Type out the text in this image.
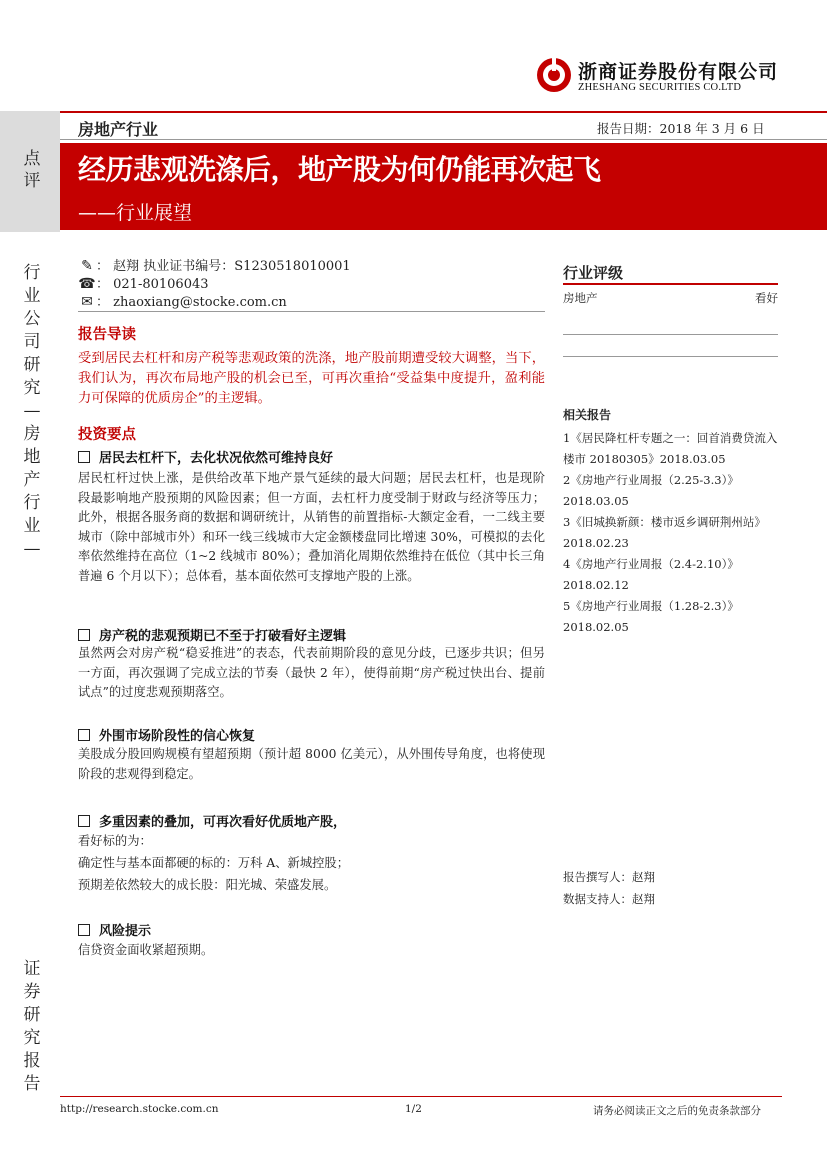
浙商证券股份有限公司
ZHESHANG SECURITIES CO.LTD
点评
房地产行业	报告日期：2018 年 3 月 6 日
经历悲观洗涤后，地产股为何仍能再次起飞
——行业展望
行业公司研究—房地产行业—
证券研究报告
✎ ： 赵翔 执业证书编号：S1230518010001
☎： 021-80106043
✉ ： zhaoxiang@stocke.com.cn
报告导读
受到居民去杠杆和房产税等悲观政策的洗涤，地产股前期遭受较大调整，当下，我们认为，再次布局地产股的机会已至，可再次重拾“受益集中度提升，盈利能力可保障的优质房企”的主逻辑。
投资要点
居民去杠杆下，去化状况依然可维持良好
居民杠杆过快上涨，是供给改革下地产景气延续的最大问题；居民去杠杆，也是现阶段最影响地产股预期的风险因素；但一方面，去杠杆力度受制于财政与经济等压力；此外，根据各服务商的数据和调研统计，从销售的前置指标-大额定金看，一二线主要城市（除中部城市外）和环一线三线城市大定金额楼盘同比增速 30%，可模拟的去化率依然维持在高位（1~2 线城市 80%）；叠加消化周期依然维持在低位（其中长三角普遍 6 个月以下）；总体看，基本面依然可支撑地产股的上涨。
房产税的悲观预期已不至于打破看好主逻辑
虽然两会对房产税“稳妥推进”的表态，代表前期阶段的意见分歧，已逐步共识；但另一方面，再次强调了完成立法的节奏（最快 2 年），使得前期“房产税过快出台、提前试点”的过度悲观预期落空。
外围市场阶段性的信心恢复
美股成分股回购规模有望超预期（预计超 8000 亿美元），从外围传导角度，也将使现阶段的悲观得到稳定。
多重因素的叠加，可再次看好优质地产股，
看好标的为：
确定性与基本面都硬的标的：万科 A、新城控股；
预期差依然较大的成长股：阳光城、荣盛发展。
风险提示
信贷资金面收紧超预期。
行业评级
房地产	看好
相关报告
1《居民降杠杆专题之一：回首消费贷流入楼市 20180305》2018.03.05
2《房地产行业周报（2.25-3.3）》2018.03.05
3《旧城换新颜：楼市返乡调研荆州站》2018.02.23
4《房地产行业周报（2.4-2.10）》2018.02.12
5《房地产行业周报（1.28-2.3）》2018.02.05
报告撰写人：赵翔
数据支持人：赵翔
http://research.stocke.com.cn	1/2	请务必阅读正文之后的免责条款部分
